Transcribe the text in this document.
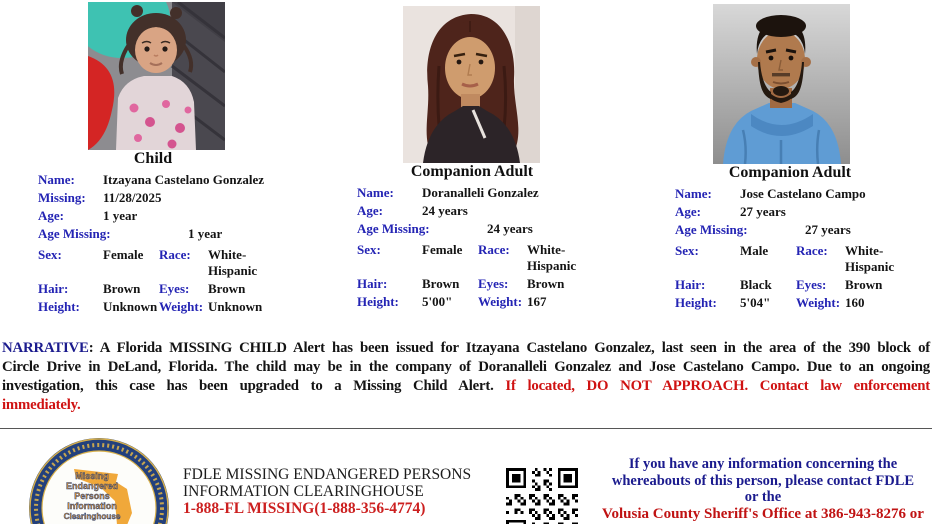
Child
Name:	Itzayana Castelano Gonzalez
Missing:	11/28/2025
Age:	1 year
Age Missing:	1 year
Sex:	Female	Race:	White-Hispanic
Hair:	Brown	Eyes:	Brown
Height:	Unknown Weight: Unknown
Companion Adult
Name:	Doranalleli Gonzalez
Age:	24 years
Age Missing:	24 years
Sex:	Female	Race:	White-Hispanic
Hair:	Brown	Eyes:	Brown
Height:	5'00"	Weight: 167
Companion Adult
Name:	Jose Castelano Campo
Age:	27 years
Age Missing:	27 years
Sex:	Male	Race:	White-Hispanic
Hair:	Black	Eyes:	Brown
Height:	5'04"	Weight: 160
NARRATIVE: A Florida MISSING CHILD Alert has been issued for Itzayana Castelano Gonzalez, last seen in the area of the 390 block of
Circle Drive in DeLand, Florida. The child may be in the company of Doranalleli Gonzalez and Jose Castelano Campo. Due to an ongoing
investigation, this case has been upgraded to a Missing Child Alert. If located, DO NOT APPROACH. Contact law enforcement
immediately.
Missing
Endangered
Persons
Information
Clearinghouse
FDLE MISSING ENDANGERED PERSONS
INFORMATION CLEARINGHOUSE
1-888-FL MISSING(1-888-356-4774)
If you have any information concerning the
whereabouts of this person, please contact FDLE
or the
Volusia County Sheriff's Office at 386-943-8276 or
